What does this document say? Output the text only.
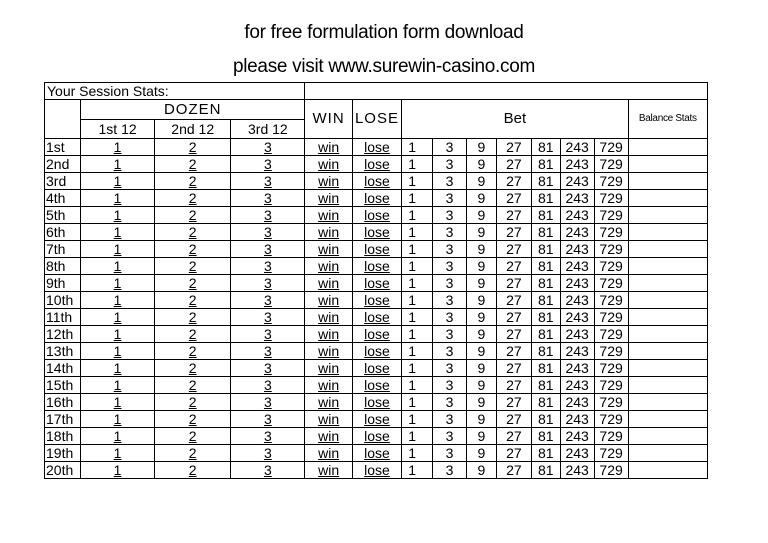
for free formulation form download
please visit www.surewin-casino.com
Your Session Stats:													
	DOZEN			WIN	LOSE	Bet							Balance Stats
	1st 12	2nd 12	3rd 12										
1st	1	2	3	win	lose	1	3	9	27	81	243	729	
2nd	1	2	3	win	lose	1	3	9	27	81	243	729	
3rd	1	2	3	win	lose	1	3	9	27	81	243	729	
4th	1	2	3	win	lose	1	3	9	27	81	243	729	
5th	1	2	3	win	lose	1	3	9	27	81	243	729	
6th	1	2	3	win	lose	1	3	9	27	81	243	729	
7th	1	2	3	win	lose	1	3	9	27	81	243	729	
8th	1	2	3	win	lose	1	3	9	27	81	243	729	
9th	1	2	3	win	lose	1	3	9	27	81	243	729	
10th	1	2	3	win	lose	1	3	9	27	81	243	729	
11th	1	2	3	win	lose	1	3	9	27	81	243	729	
12th	1	2	3	win	lose	1	3	9	27	81	243	729	
13th	1	2	3	win	lose	1	3	9	27	81	243	729	
14th	1	2	3	win	lose	1	3	9	27	81	243	729	
15th	1	2	3	win	lose	1	3	9	27	81	243	729	
16th	1	2	3	win	lose	1	3	9	27	81	243	729	
17th	1	2	3	win	lose	1	3	9	27	81	243	729	
18th	1	2	3	win	lose	1	3	9	27	81	243	729	
19th	1	2	3	win	lose	1	3	9	27	81	243	729	
20th	1	2	3	win	lose	1	3	9	27	81	243	729	
